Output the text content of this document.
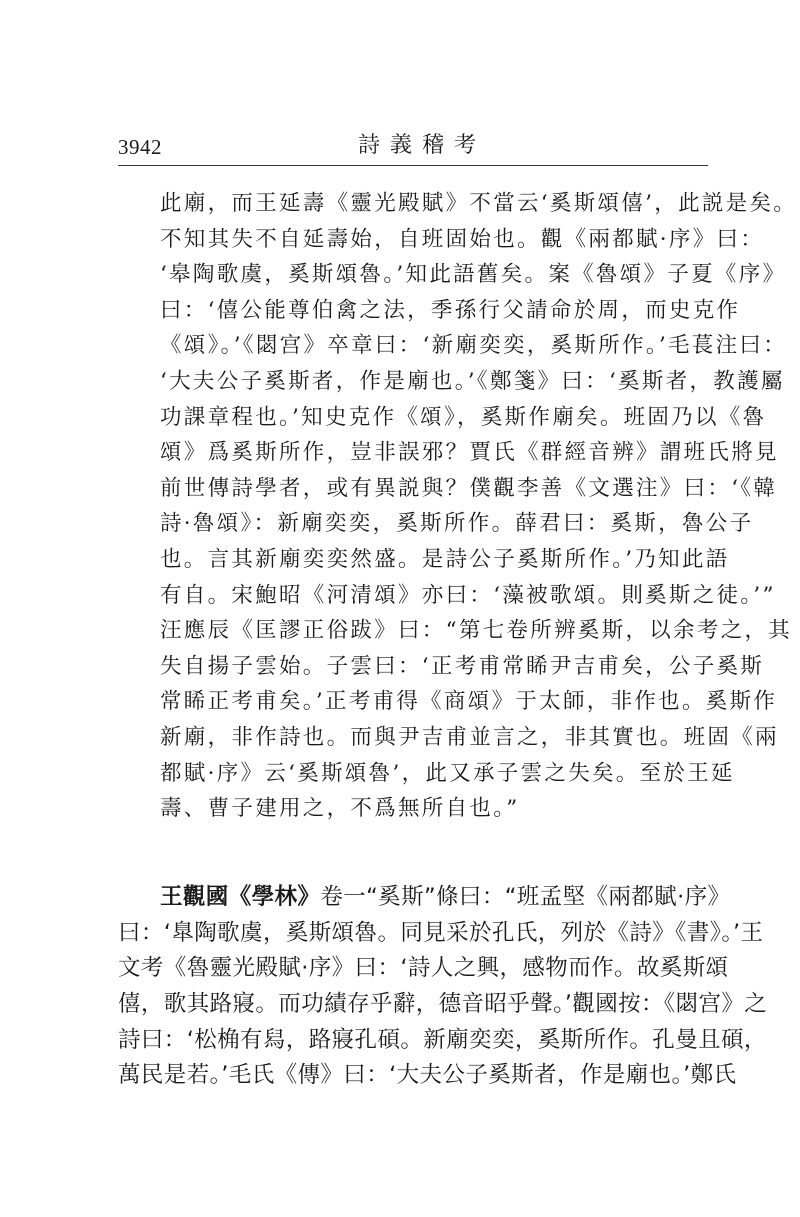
3942	詩義稽考
此廟，而王延壽《靈光殿賦》不當云‘奚斯頌僖’，此説是矣。
不知其失不自延壽始，自班固始也。觀《兩都賦·序》曰：
‘皋陶歌虞，奚斯頌魯。’知此語舊矣。案《魯頌》子夏《序》
曰：‘僖公能尊伯禽之法，季孫行父請命於周，而史克作
《頌》。’《閟宫》卒章曰：‘新廟奕奕，奚斯所作。’毛萇注曰：
‘大夫公子奚斯者，作是廟也。’《鄭箋》曰：‘奚斯者，教護屬
功課章程也。’知史克作《頌》，奚斯作廟矣。班固乃以《魯
頌》爲奚斯所作，豈非誤邪？賈氏《群經音辨》謂班氏將見
前世傳詩學者，或有異説與？僕觀李善《文選注》曰：‘《韓
詩·魯頌》：新廟奕奕，奚斯所作。薛君曰：奚斯，魯公子
也。言其新廟奕奕然盛。是詩公子奚斯所作。’乃知此語
有自。宋鮑昭《河清頌》亦曰：‘藻被歌頌。則奚斯之徒。’”
汪應辰《匡謬正俗跋》曰：“第七卷所辨奚斯，以余考之，其
失自揚子雲始。子雲曰：‘正考甫常睎尹吉甫矣，公子奚斯
常睎正考甫矣。’正考甫得《商頌》于太師，非作也。奚斯作
新廟，非作詩也。而與尹吉甫並言之，非其實也。班固《兩
都賦·序》云‘奚斯頌魯’，此又承子雲之失矣。至於王延
壽、曹子建用之，不爲無所自也。”
王觀國《學林》卷一“奚斯”條曰：“班孟堅《兩都賦·序》
曰：‘臯陶歌虞，奚斯頌魯。同見采於孔氏，列於《詩》《書》。’王
文考《魯靈光殿賦·序》曰：‘詩人之興，感物而作。故奚斯頌
僖，歌其路寢。而功績存乎辭，德音昭乎聲。’觀國按：《閟宫》之
詩曰：‘松桷有舄，路寢孔碩。新廟奕奕，奚斯所作。孔曼且碩，
萬民是若。’毛氏《傳》曰：‘大夫公子奚斯者，作是廟也。’鄭氏
